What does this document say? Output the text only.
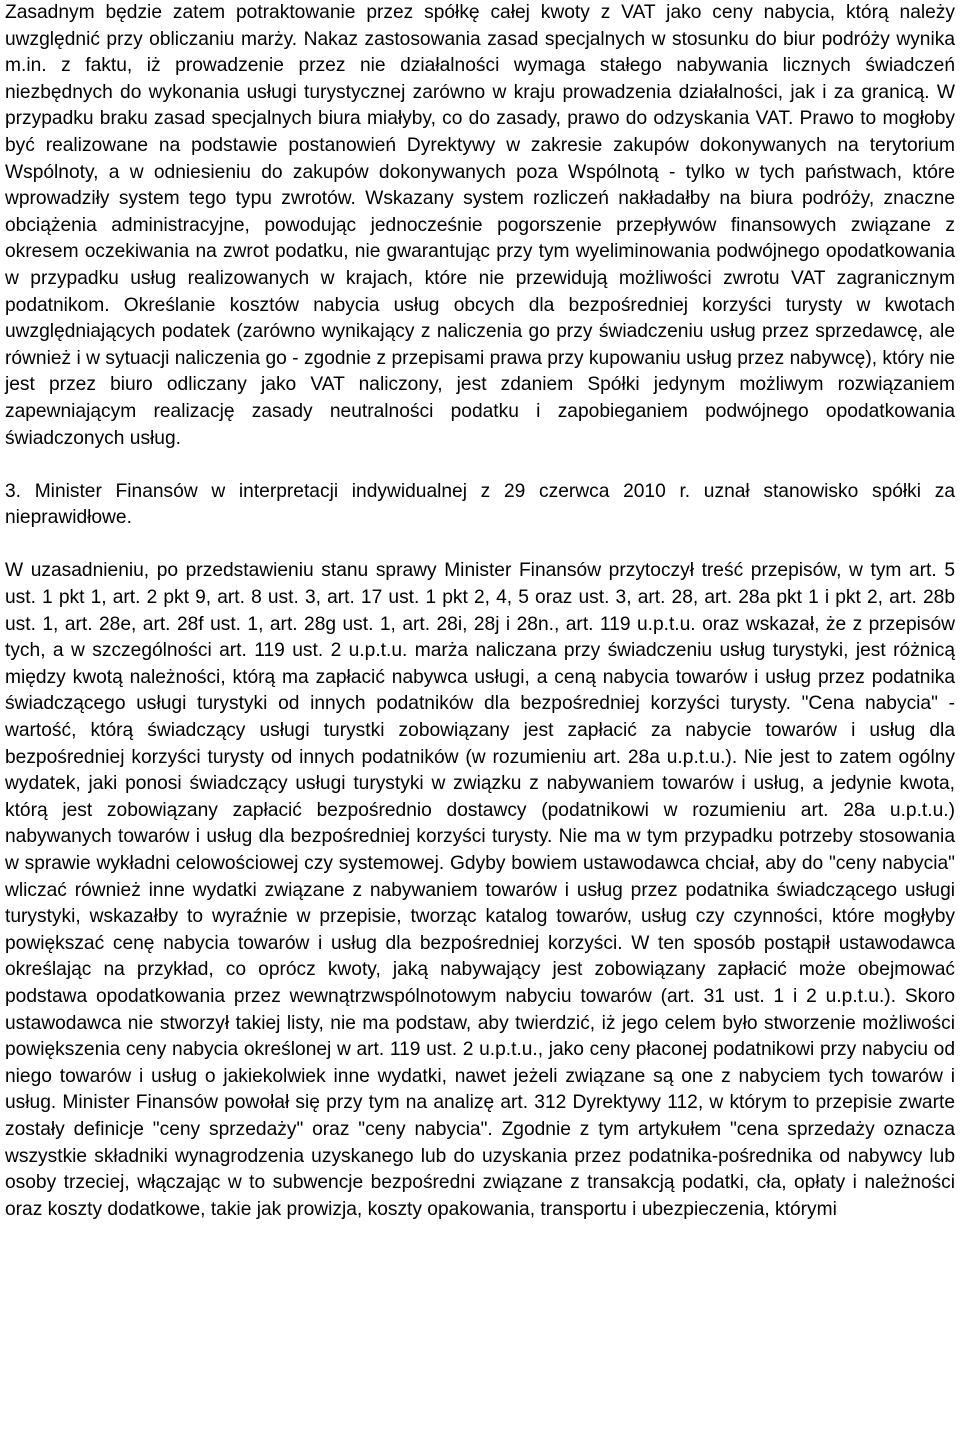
Zasadnym będzie zatem potraktowanie przez spółkę całej kwoty z VAT jako ceny nabycia, którą należy uwzględnić przy obliczaniu marży. Nakaz zastosowania zasad specjalnych w stosunku do biur podróży wynika m.in. z faktu, iż prowadzenie przez nie działalności wymaga stałego nabywania licznych świadczeń niezbędnych do wykonania usługi turystycznej zarówno w kraju prowadzenia działalności, jak i za granicą. W przypadku braku zasad specjalnych biura miałyby, co do zasady, prawo do odzyskania VAT. Prawo to mogłoby być realizowane na podstawie postanowień Dyrektywy w zakresie zakupów dokonywanych na terytorium Wspólnoty, a w odniesieniu do zakupów dokonywanych poza Wspólnotą - tylko w tych państwach, które wprowadziły system tego typu zwrotów. Wskazany system rozliczeń nakładałby na biura podróży, znaczne obciążenia administracyjne, powodując jednocześnie pogorszenie przepływów finansowych związane z okresem oczekiwania na zwrot podatku, nie gwarantując przy tym wyeliminowania podwójnego opodatkowania w przypadku usług realizowanych w krajach, które nie przewidują możliwości zwrotu VAT zagranicznym podatnikom. Określanie kosztów nabycia usług obcych dla bezpośredniej korzyści turysty w kwotach uwzględniających podatek (zarówno wynikający z naliczenia go przy świadczeniu usług przez sprzedawcę, ale również i w sytuacji naliczenia go - zgodnie z przepisami prawa przy kupowaniu usług przez nabywcę), który nie jest przez biuro odliczany jako VAT naliczony, jest zdaniem Spółki jedynym możliwym rozwiązaniem zapewniającym realizację zasady neutralności podatku i zapobieganiem podwójnego opodatkowania świadczonych usług.

3. Minister Finansów w interpretacji indywidualnej z 29 czerwca 2010 r. uznał stanowisko spółki za nieprawidłowe.

W uzasadnieniu, po przedstawieniu stanu sprawy Minister Finansów przytoczył treść przepisów, w tym art. 5 ust. 1 pkt 1, art. 2 pkt 9, art. 8 ust. 3, art. 17 ust. 1 pkt 2, 4, 5 oraz ust. 3, art. 28, art. 28a pkt 1 i pkt 2, art. 28b ust. 1, art. 28e, art. 28f ust. 1, art. 28g ust. 1, art. 28i, 28j i 28n., art. 119 u.p.t.u. oraz wskazał, że z przepisów tych, a w szczególności art. 119 ust. 2 u.p.t.u. marża naliczana przy świadczeniu usług turystyki, jest różnicą między kwotą należności, którą ma zapłacić nabywca usługi, a ceną nabycia towarów i usług przez podatnika świadczącego usługi turystyki od innych podatników dla bezpośredniej korzyści turysty. "Cena nabycia" - wartość, którą świadczący usługi turystki zobowiązany jest zapłacić za nabycie towarów i usług dla bezpośredniej korzyści turysty od innych podatników (w rozumieniu art. 28a u.p.t.u.). Nie jest to zatem ogólny wydatek, jaki ponosi świadczący usługi turystyki w związku z nabywaniem towarów i usług, a jedynie kwota, którą jest zobowiązany zapłacić bezpośrednio dostawcy (podatnikowi w rozumieniu art. 28a u.p.t.u.) nabywanych towarów i usług dla bezpośredniej korzyści turysty. Nie ma w tym przypadku potrzeby stosowania w sprawie wykładni celowościowej czy systemowej. Gdyby bowiem ustawodawca chciał, aby do "ceny nabycia" wliczać również inne wydatki związane z nabywaniem towarów i usług przez podatnika świadczącego usługi turystyki, wskazałby to wyraźnie w przepisie, tworząc katalog towarów, usług czy czynności, które mogłyby powiększać cenę nabycia towarów i usług dla bezpośredniej korzyści. W ten sposób postąpił ustawodawca określając na przykład, co oprócz kwoty, jaką nabywający jest zobowiązany zapłacić może obejmować podstawa opodatkowania przez wewnątrzwspólnotowym nabyciu towarów (art. 31 ust. 1 i 2 u.p.t.u.). Skoro ustawodawca nie stworzył takiej listy, nie ma podstaw, aby twierdzić, iż jego celem było stworzenie możliwości powiększenia ceny nabycia określonej w art. 119 ust. 2 u.p.t.u., jako ceny płaconej podatnikowi przy nabyciu od niego towarów i usług o jakiekolwiek inne wydatki, nawet jeżeli związane są one z nabyciem tych towarów i usług. Minister Finansów powołał się przy tym na analizę art. 312 Dyrektywy 112, w którym to przepisie zwarte zostały definicje "ceny sprzedaży" oraz "ceny nabycia". Zgodnie z tym artykułem "cena sprzedaży oznacza wszystkie składniki wynagrodzenia uzyskanego lub do uzyskania przez podatnika-pośrednika od nabywcy lub osoby trzeciej, włączając w to subwencje bezpośredni związane z transakcją podatki, cła, opłaty i należności oraz koszty dodatkowe, takie jak prowizja, koszty opakowania, transportu i ubezpieczenia, którymi
